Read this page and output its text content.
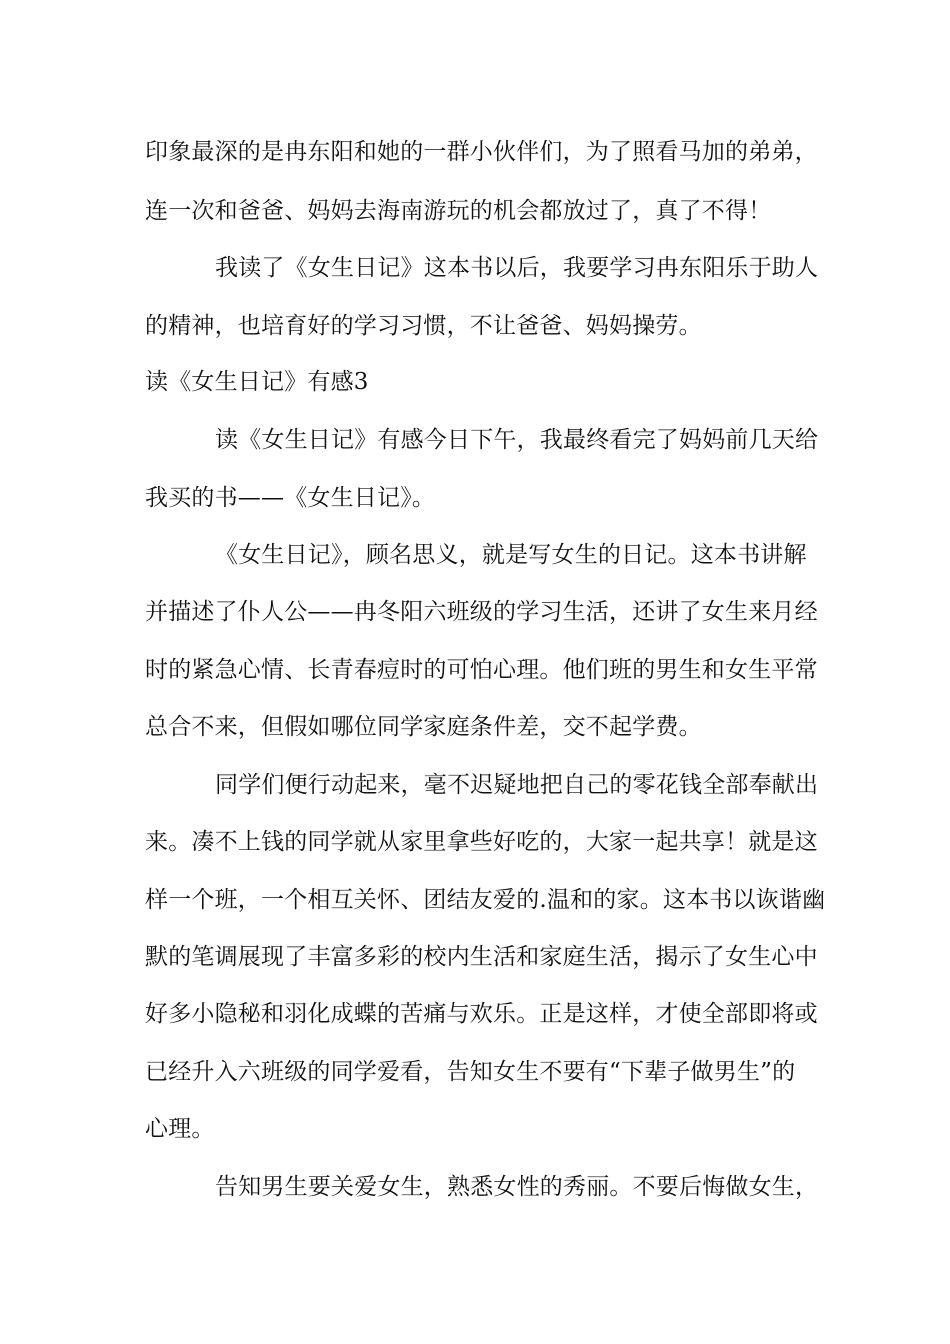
印象最深的是冉东阳和她的一群小伙伴们，为了照看马加的弟弟，
连一次和爸爸、妈妈去海南游玩的机会都放过了，真了不得！
我读了《女生日记》这本书以后，我要学习冉东阳乐于助人
的精神，也培育好的学习习惯，不让爸爸、妈妈操劳。
读《女生日记》有感3
读《女生日记》有感今日下午，我最终看完了妈妈前几天给
我买的书——《女生日记》。
《女生日记》，顾名思义，就是写女生的日记。这本书讲解
并描述了仆人公——冉冬阳六班级的学习生活，还讲了女生来月经
时的紧急心情、长青春痘时的可怕心理。他们班的男生和女生平常
总合不来，但假如哪位同学家庭条件差，交不起学费。
同学们便行动起来，毫不迟疑地把自己的零花钱全部奉献出
来。凑不上钱的同学就从家里拿些好吃的，大家一起共享！就是这
样一个班，一个相互关怀、团结友爱的.温和的家。这本书以诙谐幽
默的笔调展现了丰富多彩的校内生活和家庭生活，揭示了女生心中
好多小隐秘和羽化成蝶的苦痛与欢乐。正是这样，才使全部即将或
已经升入六班级的同学爱看，告知女生不要有“下辈子做男生”的
心理。
告知男生要关爱女生，熟悉女性的秀丽。不要后悔做女生，
